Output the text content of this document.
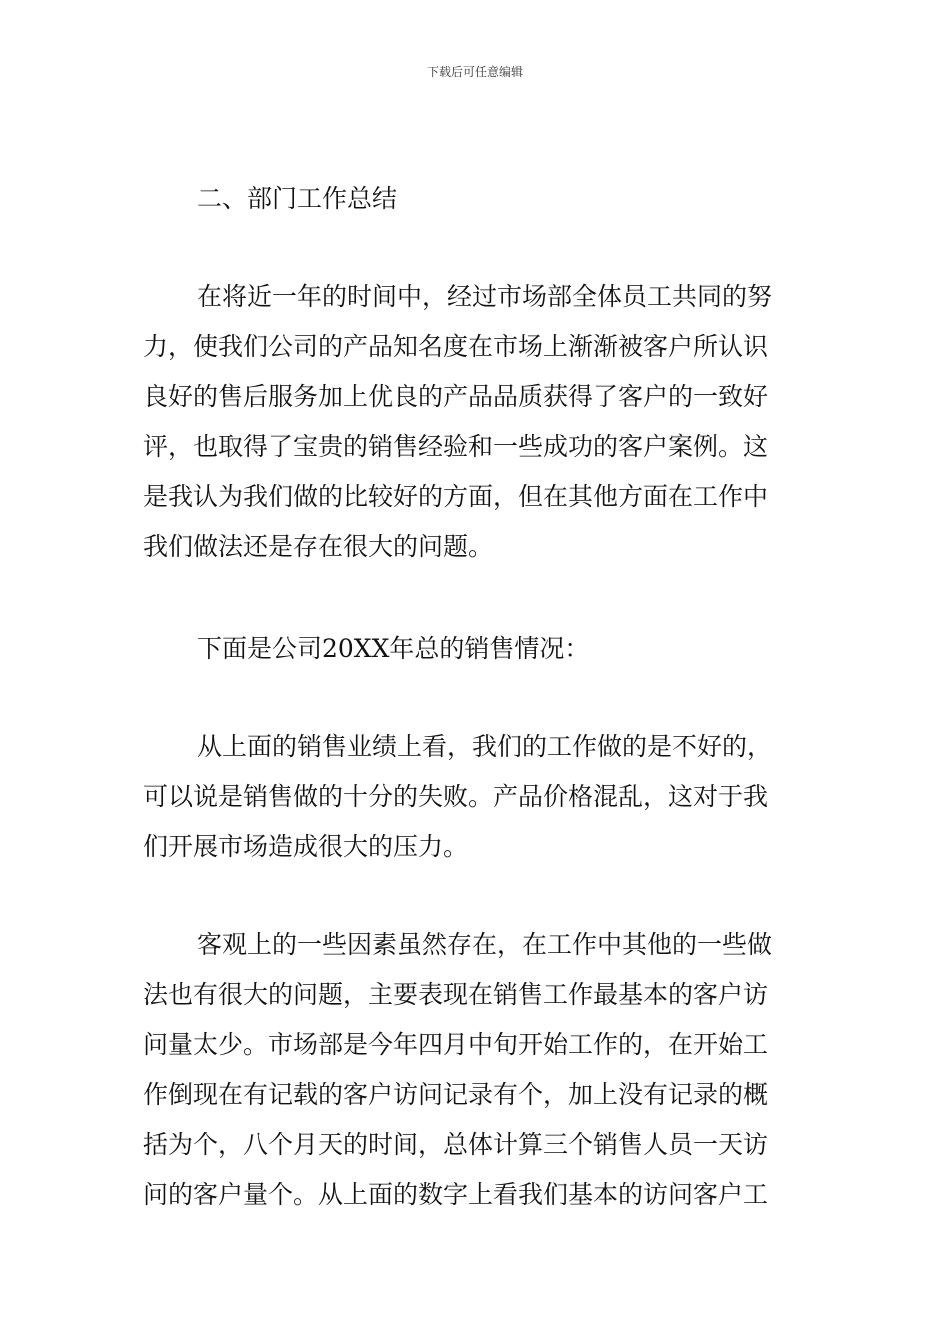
下载后可任意编辑
二、部门工作总结
在将近一年的时间中，经过市场部全体员工共同的努
力，使我们公司的产品知名度在市场上渐渐被客户所认识
良好的售后服务加上优良的产品品质获得了客户的一致好
评，也取得了宝贵的销售经验和一些成功的客户案例。这
是我认为我们做的比较好的方面，但在其他方面在工作中
我们做法还是存在很大的问题。
下面是公司20XX年总的销售情况：
从上面的销售业绩上看，我们的工作做的是不好的，
可以说是销售做的十分的失败。产品价格混乱，这对于我
们开展市场造成很大的压力。
客观上的一些因素虽然存在，在工作中其他的一些做
法也有很大的问题，主要表现在销售工作最基本的客户访
问量太少。市场部是今年四月中旬开始工作的，在开始工
作倒现在有记载的客户访问记录有个，加上没有记录的概
括为个，八个月天的时间，总体计算三个销售人员一天访
问的客户量个。从上面的数字上看我们基本的访问客户工
